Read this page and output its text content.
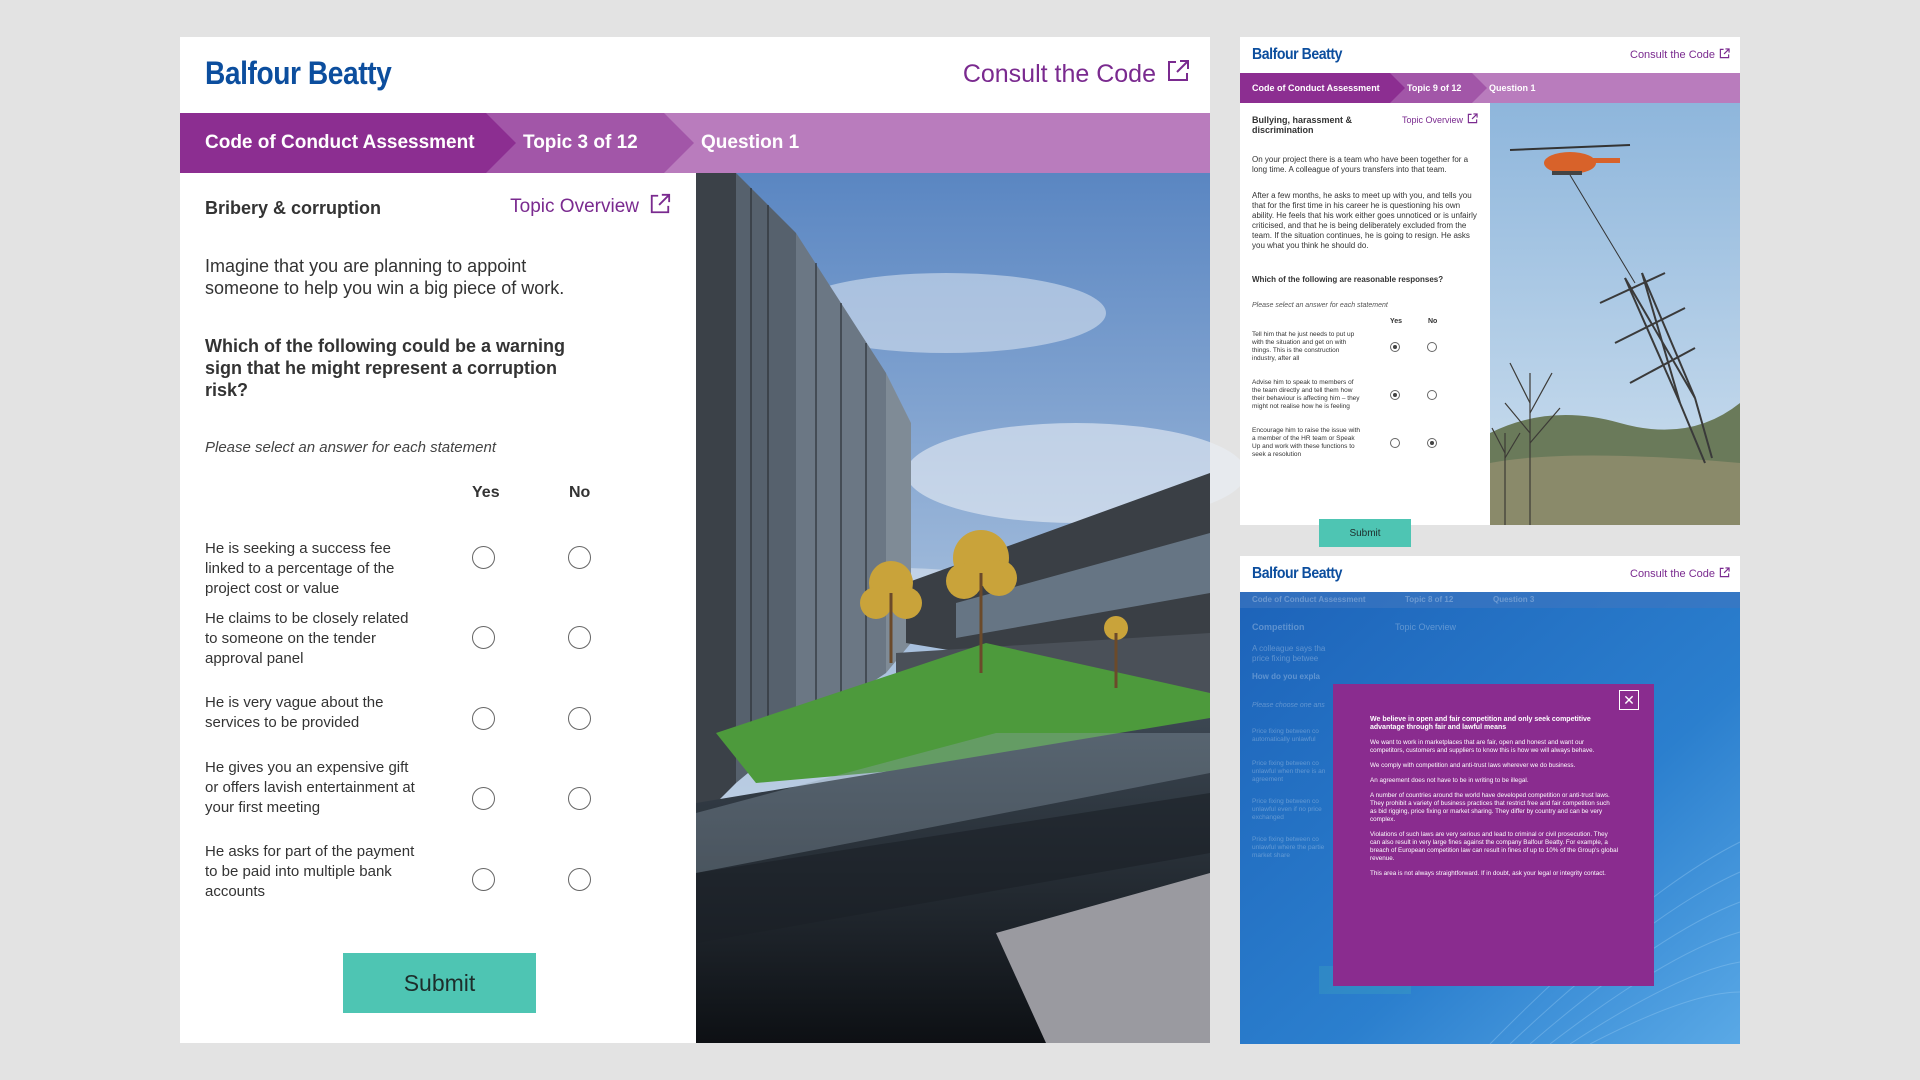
Balfour Beatty	Consult the Code
Code of Conduct Assessment	Topic 3 of 12	Question 1
Bribery & corruption	Topic Overview
Imagine that you are planning to appoint someone to help you win a big piece of work.
Which of the following could be a warning sign that he might represent a corruption risk?
Please select an answer for each statement
Yes	No
He is seeking a success fee linked to a percentage of the project cost or value
He claims to be closely related to someone on the tender approval panel
He is very vague about the services to be provided
He gives you an expensive gift or offers lavish entertainment at your first meeting
He asks for part of the payment to be paid into multiple bank accounts
Submit
Balfour Beatty	Consult the Code
Code of Conduct Assessment	Topic 9 of 12	Question 1
Bullying, harassment & discrimination
Topic Overview
On your project there is a team who have been together for a long time. A colleague of yours transfers into that team.
After a few months, he asks to meet up with you, and tells you that for the first time in his career he is questioning his own ability. He feels that his work either goes unnoticed or is unfairly criticised, and that he is being deliberately excluded from the team. If the situation continues, he is going to resign. He asks you what you think he should do.
Which of the following are reasonable responses?
Please select an answer for each statement
Yes	No
Tell him that he just needs to put up with the situation and get on with things. This is the construction industry, after all
Advise him to speak to members of the team directly and tell them how their behaviour is affecting him – they might not realise how he is feeling
Encourage him to raise the issue with a member of the HR team or Speak Up and work with these functions to seek a resolution
Submit
Balfour Beatty	Consult the Code
Code of Conduct Assessment	Topic 8 of 12	Question 3
Competition	Topic Overview
A colleague says tha
price fixing betwee
How do you expla
Please choose one ans
Price fixing between co
automatically unlawful
Price fixing between co
unlawful when there is an
agreement
Price fixing between co
unlawful even if no price
exchanged
Price fixing between co
unlawful where the partie
market share
✕

We believe in open and fair competition and only seek competitive advantage through fair and lawful means

We want to work in marketplaces that are fair, open and honest and want our competitors, customers and suppliers to know this is how we will always behave.

We comply with competition and anti-trust laws wherever we do business.

An agreement does not have to be in writing to be illegal.

A number of countries around the world have developed competition or anti-trust laws. They prohibit a variety of business practices that restrict free and fair competition such as bid rigging, price fixing or market sharing. They differ by country and can be very complex.

Violations of such laws are very serious and lead to criminal or civil prosecution. They can also result in very large fines against the company Balfour Beatty. For example, a breach of European competition law can result in fines of up to 10% of the Group's global revenue.

This area is not always straightforward. If in doubt, ask your legal or integrity contact.
